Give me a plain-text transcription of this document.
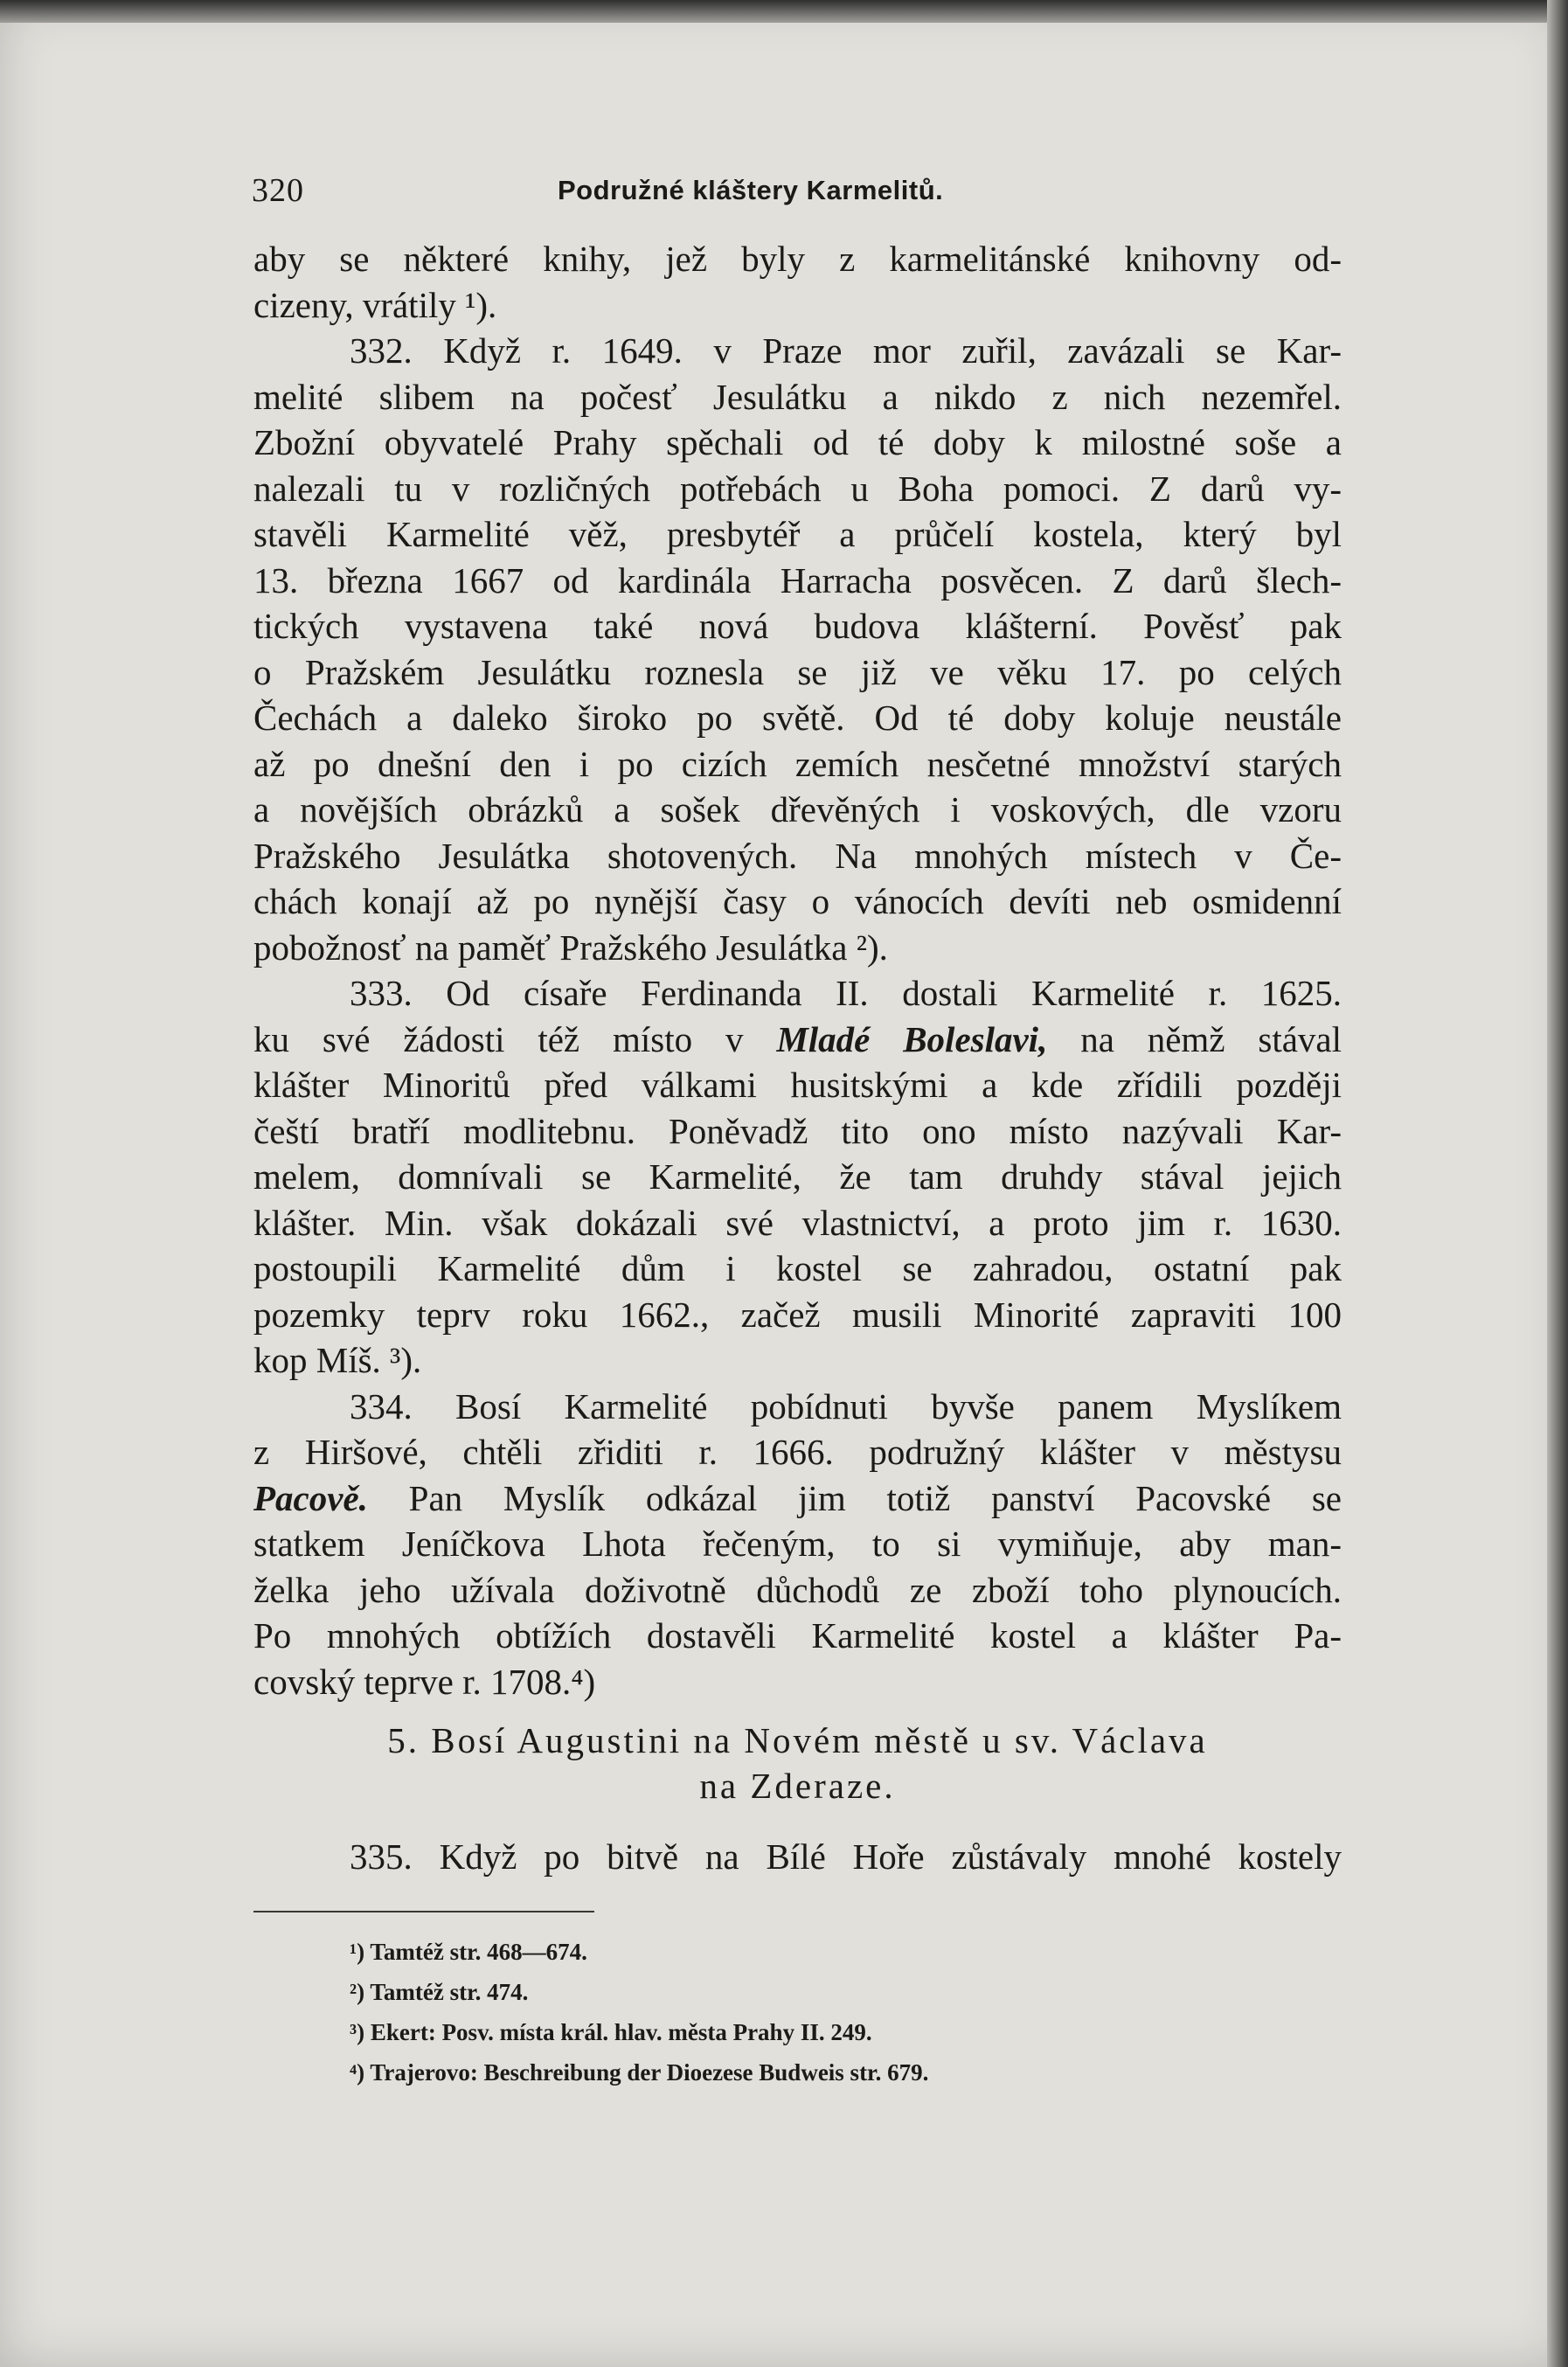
320	Podružné kláštery Karmelitů.
aby se některé knihy, jež byly z karmelitánské knihovny od-
cizeny, vrátily ¹).
332. Když r. 1649. v Praze mor zuřil, zavázali se Kar-
melité slibem na počesť Jesulátku a nikdo z nich nezemřel.
Zbožní obyvatelé Prahy spěchali od té doby k milostné soše a
nalezali tu v rozličných potřebách u Boha pomoci. Z darů vy-
stavěli Karmelité věž, presbytéř a průčelí kostela, který byl
13. března 1667 od kardinála Harracha posvěcen. Z darů šlech-
tických vystavena také nová budova klášterní. Pověsť pak
o Pražském Jesulátku roznesla se již ve věku 17. po celých
Čechách a daleko široko po světě. Od té doby koluje neustále
až po dnešní den i po cizích zemích nesčetné množství starých
a novějších obrázků a sošek dřevěných i voskových, dle vzoru
Pražského Jesulátka shotovených. Na mnohých místech v Če-
chách konají až po nynější časy o vánocích devíti neb osmidenní
pobožnosť na paměť Pražského Jesulátka ²).
333. Od císaře Ferdinanda II. dostali Karmelité r. 1625.
ku své žádosti též místo v Mladé Boleslavi, na němž stával
klášter Minoritů před válkami husitskými a kde zřídili později
čeští bratří modlitebnu. Poněvadž tito ono místo nazývali Kar-
melem, domnívali se Karmelité, že tam druhdy stával jejich
klášter. Min. však dokázali své vlastnictví, a proto jim r. 1630.
postoupili Karmelité dům i kostel se zahradou, ostatní pak
pozemky teprv roku 1662., začež musili Minorité zapraviti 100
kop Míš. ³).
334. Bosí Karmelité pobídnuti byvše panem Myslíkem
z Hiršové, chtěli zřiditi r. 1666. podružný klášter v městysu
Pacově. Pan Myslík odkázal jim totiž panství Pacovské se
statkem Jeníčkova Lhota řečeným, to si vymiňuje, aby man-
želka jeho užívala doživotně důchodů ze zboží toho plynoucích.
Po mnohých obtížích dostavěli Karmelité kostel a klášter Pa-
covský teprve r. 1708.⁴)
5. Bosí Augustini na Novém městě u sv. Václava
na Zderaze.
335. Když po bitvě na Bílé Hoře zůstávaly mnohé kostely
¹) Tamtéž str. 468—674.
²) Tamtéž str. 474.
³) Ekert: Posv. místa král. hlav. města Prahy II. 249.
⁴) Trajerovo: Beschreibung der Dioezese Budweis str. 679.
